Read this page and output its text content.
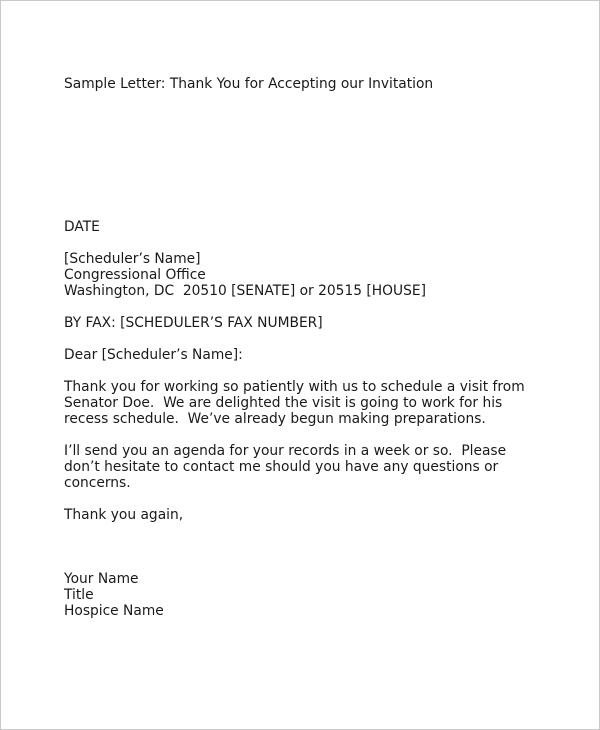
Sample Letter: Thank You for Accepting our Invitation

DATE

[Scheduler’s Name]

Congressional Office

Washington, DC  20510 [SENATE] or 20515 [HOUSE]

BY FAX: [SCHEDULER’S FAX NUMBER]

Dear [Scheduler’s Name]:

Thank you for working so patiently with us to schedule a visit from

Senator Doe.  We are delighted the visit is going to work for his

recess schedule.  We’ve already begun making preparations.

I’ll send you an agenda for your records in a week or so.  Please

don’t hesitate to contact me should you have any questions or

concerns.

Thank you again,

Your Name

Title

Hospice Name
